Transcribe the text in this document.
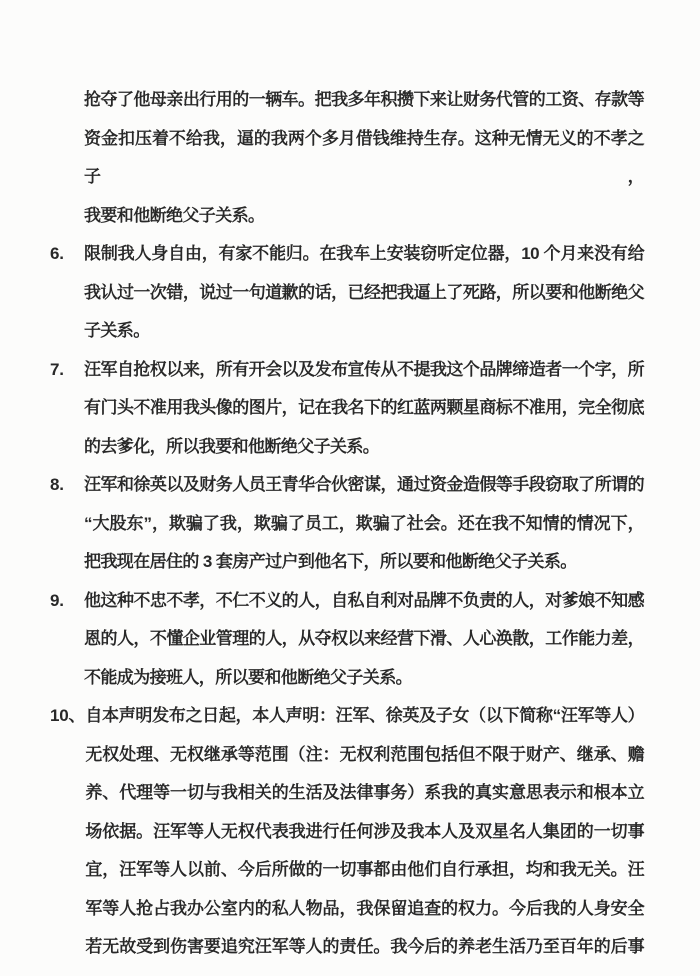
抢夺了他母亲出行用的一辆车。把我多年积攒下来让财务代管的工资、存款等
资金扣压着不给我，逼的我两个多月借钱维持生存。这种无情无义的不孝之子，
我要和他断绝父子关系。
6.	限制我人身自由，有家不能归。在我车上安装窃听定位器，10 个月来没有给
我认过一次错，说过一句道歉的话，已经把我逼上了死路，所以要和他断绝父
子关系。
7.	汪军自抢权以来，所有开会以及发布宣传从不提我这个品牌缔造者一个字，所
有门头不准用我头像的图片，记在我名下的红蓝两颗星商标不准用，完全彻底
的去爹化，所以我要和他断绝父子关系。
8.	汪军和徐英以及财务人员王青华合伙密谋，通过资金造假等手段窃取了所谓的
“大股东”，欺骗了我，欺骗了员工，欺骗了社会。还在我不知情的情况下，
把我现在居住的 3 套房产过户到他名下，所以要和他断绝父子关系。
9.	他这种不忠不孝，不仁不义的人，自私自利对品牌不负责的人，对爹娘不知感
恩的人，不懂企业管理的人，从夺权以来经营下滑、人心涣散，工作能力差，
不能成为接班人，所以要和他断绝父子关系。
10、 自本声明发布之日起，本人声明：汪军、徐英及子女（以下简称“汪军等人）
无权处理、无权继承等范围（注：无权利范围包括但不限于财产、继承、赡
养、代理等一切与我相关的生活及法律事务）系我的真实意思表示和根本立
场依据。汪军等人无权代表我进行任何涉及我本人及双星名人集团的一切事
宜，汪军等人以前、今后所做的一切事都由他们自行承担，均和我无关。汪
军等人抢占我办公室内的私人物品，我保留追查的权力。今后我的人身安全
若无故受到伤害要追究汪军等人的责任。我今后的养老生活乃至百年的后事
